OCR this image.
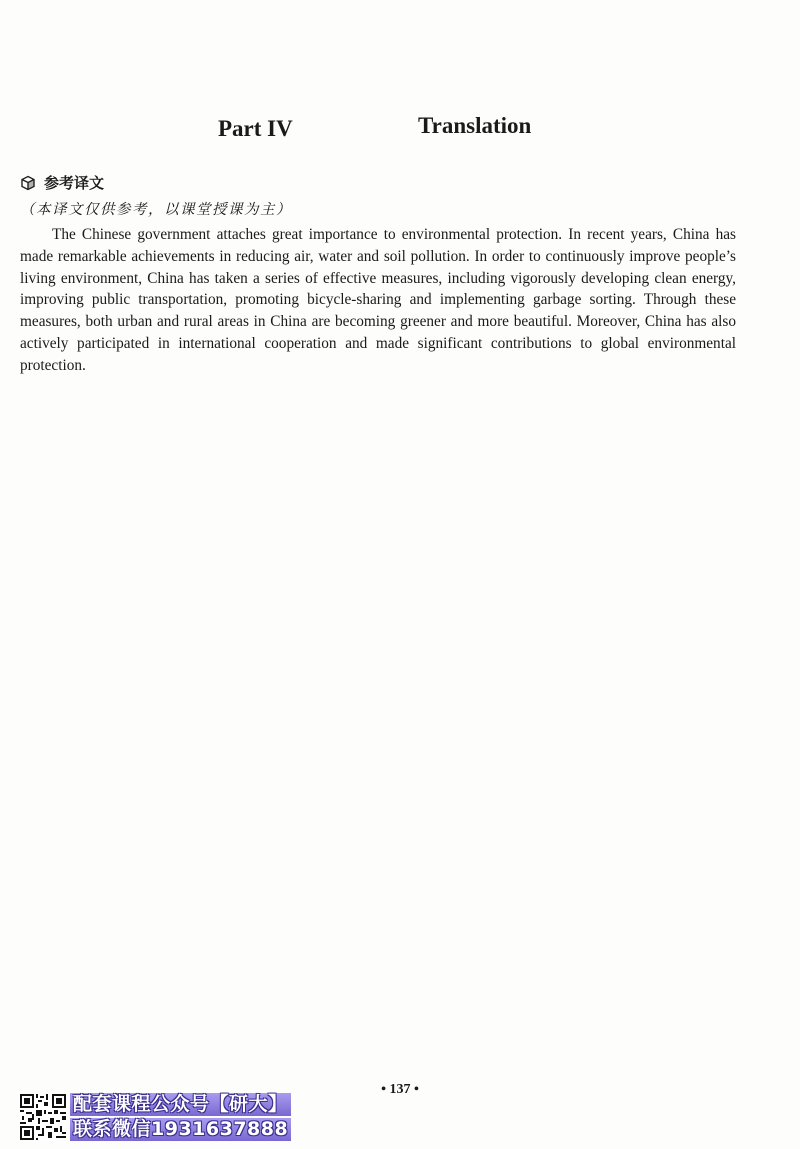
Part IV	Translation
参考译文
（本译文仅供参考，以课堂授课为主）

The Chinese government attaches great importance to environmental protection. In recent years, China has made remarkable achievements in reducing air, water and soil pollution. In order to continuously improve people’s living environment, China has taken a series of effective measures, including vigorously developing clean energy, improving public transportation, promoting bicycle-sharing and implementing garbage sorting. Through these measures, both urban and rural areas in China are becoming greener and more beautiful. Moreover, China has also actively participated in international cooperation and made significant contributions to global environmental protection.

• 137 •
配套课程公众号【研大】
联系微信1931637888
